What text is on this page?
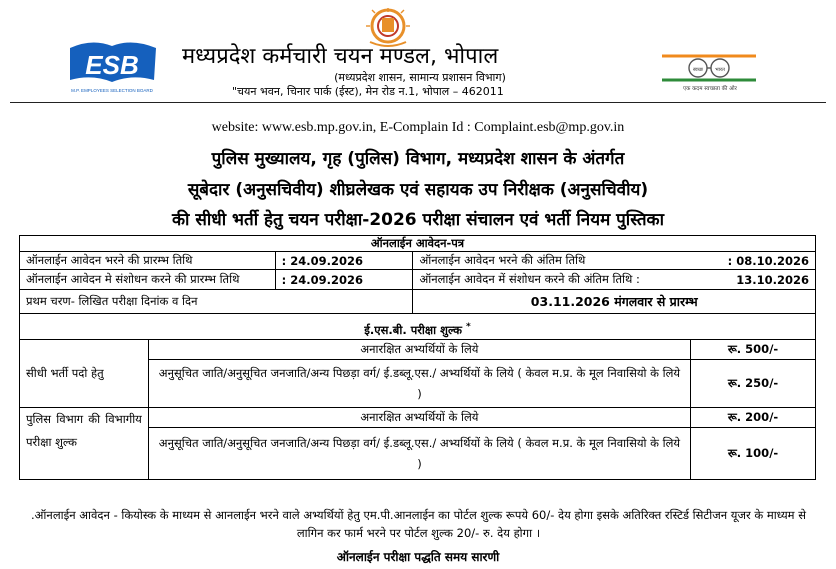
ESB
M.P. EMPLOYEES SELECTION BOARD
मध्यप्रदेश कर्मचारी चयन मण्डल, भोपाल
(मध्यप्रदेश शासन, सामान्य प्रशासन विभाग)
"चयन भवन, चिनार पार्क (ईस्ट), मेन रोड न.1, भोपाल – 462011
स्वच्छ भारत
एक कदम स्वच्छता की ओर
website: www.esb.mp.gov.in, E-Complain Id : Complaint.esb@mp.gov.in
पुलिस मुख्यालय, गृह (पुलिस) विभाग, मध्यप्रदेश शासन के अंतर्गत
सूबेदार (अनुसचिवीय) शीघ्रलेखक एवं सहायक उप निरीक्षक (अनुसचिवीय)
की सीधी भर्ती हेतु चयन परीक्षा-2026 परीक्षा संचालन एवं भर्ती नियम पुस्तिका
ऑनलाईन आवेदन-पत्र				
ऑनलाईन आवेदन भरने की प्रारम्भ तिथि		: 24.09.2026	ऑनलाईन आवेदन भरने की अंतिम तिथि	: 08.10.2026
ऑनलाईन आवेदन मे संशोधन करने की प्रारम्भ तिथि		: 24.09.2026	ऑनलाईन आवेदन में संशोधन करने की अंतिम तिथि :	13.10.2026
प्रथम चरण- लिखित परीक्षा दिनांक व दिन			03.11.2026 मंगलवार से प्रारम्भ	

ई.एस.बी. परीक्षा शुल्क *
सीधी भर्ती पदो हेतु	अनारक्षित अभ्यर्थियों के लिये			रू. 500/-
	अनुसूचित जाति/अनुसूचित जनजाति/अन्य पिछड़ा वर्ग/ ई.डब्लू.एस./ अभ्यर्थियों के लिये ( केवल म.प्र. के मूल निवासियो के लिये )			रू. 250/-
पुलिस विभाग की विभागीय परीक्षा शुल्क	अनारक्षित अभ्यर्थियों के लिये			रू. 200/-
	अनुसूचित जाति/अनुसूचित जनजाति/अन्य पिछड़ा वर्ग/ ई.डब्लू.एस./ अभ्यर्थियों के लिये ( केवल म.प्र. के मूल निवासियो के लिये )			रू. 100/-
.ऑनलाईन आवेदन - कियोस्क के माध्यम से आनलाईन भरने वाले अभ्यर्थियों हेतु एम.पी.आनलाईन का पोर्टल शुल्क रूपये 60/- देय होगा इसके अतिरिक्त रस्टिर्ड सिटीजन यूजर के माध्यम से लागिन कर फार्म भरने पर पोर्टल शुल्क 20/- रु. देय होगा ।
ऑनलाईन परीक्षा पद्धति समय सारणी
